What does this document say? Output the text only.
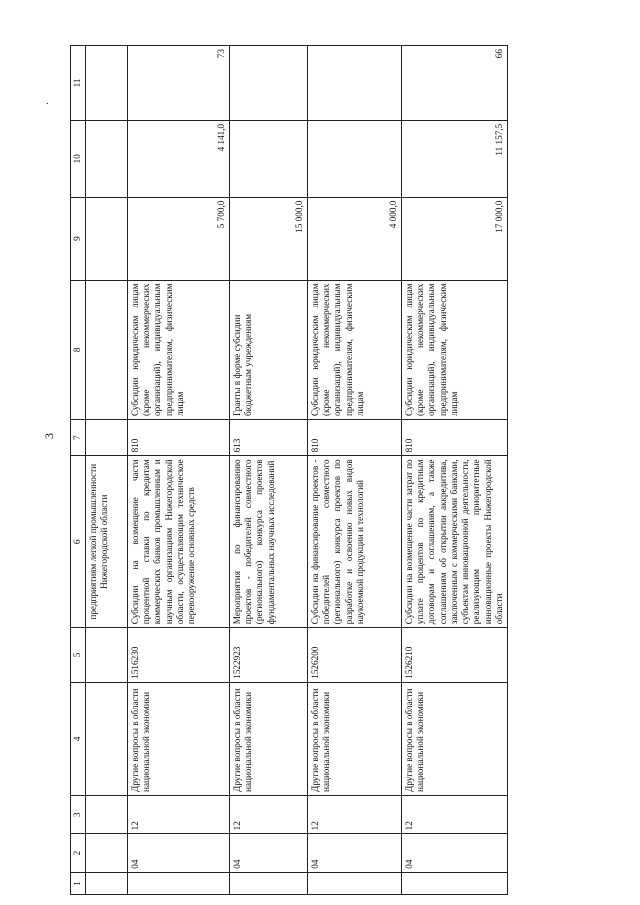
3
.
1	2	3	4	5	6	7	8	9	10	11
					предприятиям легкой промышленности Нижегородской области					
	04	12	Другие вопросы в области национальной экономики	1516230	Субсидии на возмещение части процентной ставки по кредитам коммерческих банков промышленным и научным организациям Нижегородской области, осуществляющим техническое перевооружение основных средств	810	Субсидии юридическим лицам (кроме некоммерческих организаций), индивидуальным предпринимателям, физическим лицам	5 700,0	4 141,0	73
	04	12	Другие вопросы в области национальной экономики	1522923	Мероприятия по финансированию проектов - победителей совместного (регионального) конкурса проектов фундаментальных научных исследований	613	Гранты в форме субсидии бюджетным учреждениям	15 000,0		
	04	12	Другие вопросы в области национальной экономики	1526200	Субсидии на финансирование проектов - победителей совместного (регионального) конкурса проектов по разработке и освоению новых видов наукоемкой продукции и технологий	810	Субсидии юридическим лицам (кроме некоммерческих организаций), индивидуальным предпринимателям, физическим лицам	4 000,0		
	04	12	Другие вопросы в области национальной экономики	1526210	Субсидии на возмещение части затрат по уплате процентов по кредитным договорам и соглашениям, а также соглашениям об открытии аккредитива, заключенным с коммерческими банками, субъектам инновационной деятельности, реализующим приоритетные инновационные проекты Нижегородской области	810	Субсидии юридическим лицам (кроме некоммерческих организаций), индивидуальным предпринимателям, физическим лицам	17 000,0	11 157,5	66
